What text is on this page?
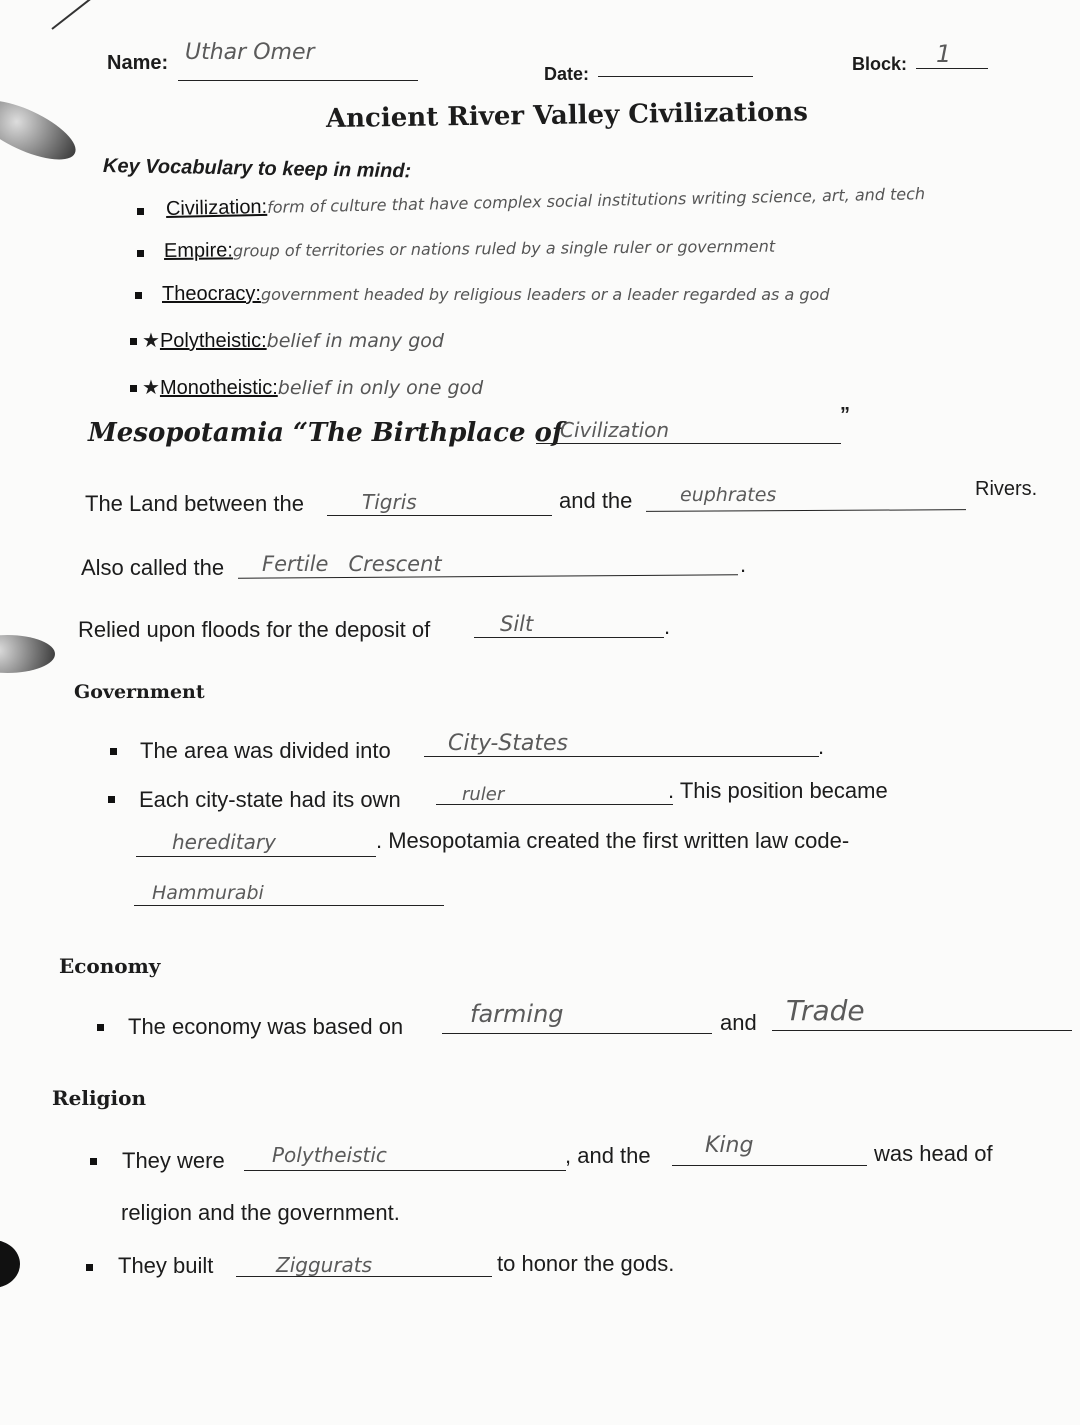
Name: Uthar Omer
Date:	Block: 1
Ancient River Valley Civilizations
Key Vocabulary to keep in mind:
Civilization:form of culture that have complex social institutions writing science, art, and tech
Empire:group of territories or nations ruled by a single ruler or government
Theocracy:government headed by religious leaders or a leader regarded as a god
★Polytheistic:belief in many god
★Monotheistic:belief in only one god
Mesopotamia “The Birthplace of
Civilization
”
The Land between the	Tigris	and the	euphrates	Rivers.
Also called the Fertile   Crescent	.
Relied upon floods for the deposit of	Silt	.
Government
The area was divided into	City-States	.
Each city-state had its own	ruler	. This position became
hereditary	. Mesopotamia created the first written law code-
Hammurabi
Economy
The economy was based on	farming	and Trade
Religion
They were Polytheistic	, and the King	was head of
religion and the government.
They built	Ziggurats	to honor the gods.
